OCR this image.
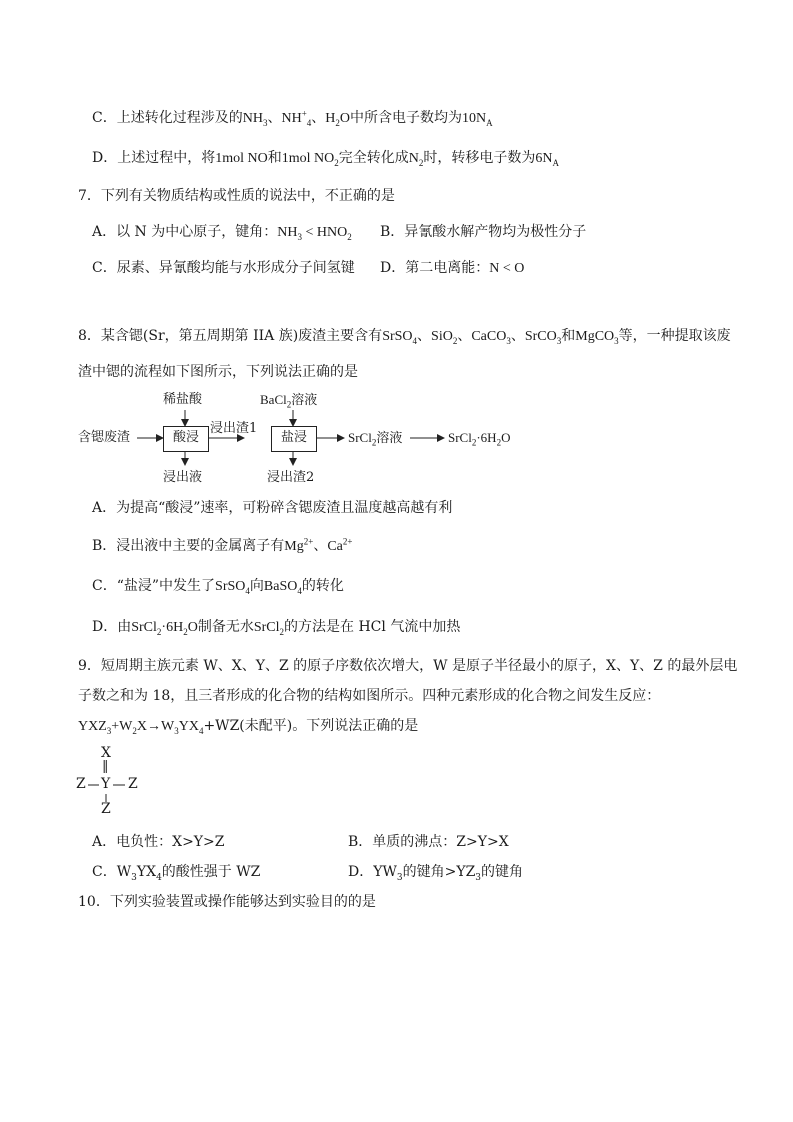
C．上述转化过程涉及的$NH_3$、$NH^+_4$、$H_2O$中所含电子数均为$10N_A$
D．上述过程中，将1mol NO和1mol $NO_2$完全转化成$N_2$时，转移电子数为$6N_A$
7．下列有关物质结构或性质的说法中，不正确的是
A．以 N 为中心原子，键角：$NH_3 < HNO_2$ B．异氰酸水解产物均为极性分子
C．尿素、异氰酸均能与水形成分子间氢键 D．第二电离能：N < O
8．某含锶(Sr，第五周期第 IIA 族)废渣主要含有SrSO$_4$、SiO$_2$、CaCO$_3$、SrCO$_3$和MgCO$_3$等，一种提取该废
渣中锶的流程如下图所示，下列说法正确的是
稀盐酸	BaCl$_2$溶液
含锶废渣	酸浸
浸出渣1
盐浸	SrCl$_2$溶液	$SrCl_2\cdot 6H_2O$
浸出液	浸出渣2
A．为提高“酸浸”速率，可粉碎含锶废渣且温度越高越有利
B．浸出液中主要的金属离子有$Mg^{2+}$、$Ca^{2+}$
C．“盐浸”中发生了SrSO$_4$向BaSO$_4$的转化
D．由$SrCl_2\cdot 6H_2O$制备无水SrCl$_2$的方法是在 HCl 气流中加热
9．短周期主族元素 W、X、Y、Z 的原子序数依次增大，W 是原子半径最小的原子，X、Y、Z 的最外层电
子数之和为 18，且三者形成的化合物的结构如图所示。四种元素形成的化合物之间发生反应：
$YXZ_3+W_2X\to W_3YX_4+WZ$(未配平)。下列说法正确的是
X
‖
Z Y Z
Z
A．电负性：X>Y>Z	B．单质的沸点：Z>Y>X
C．$W_3YX_4$的酸性强于 WZ	D．$YW_3$的键角$>YZ_3$的键角
10．下列实验装置或操作能够达到实验目的的是
